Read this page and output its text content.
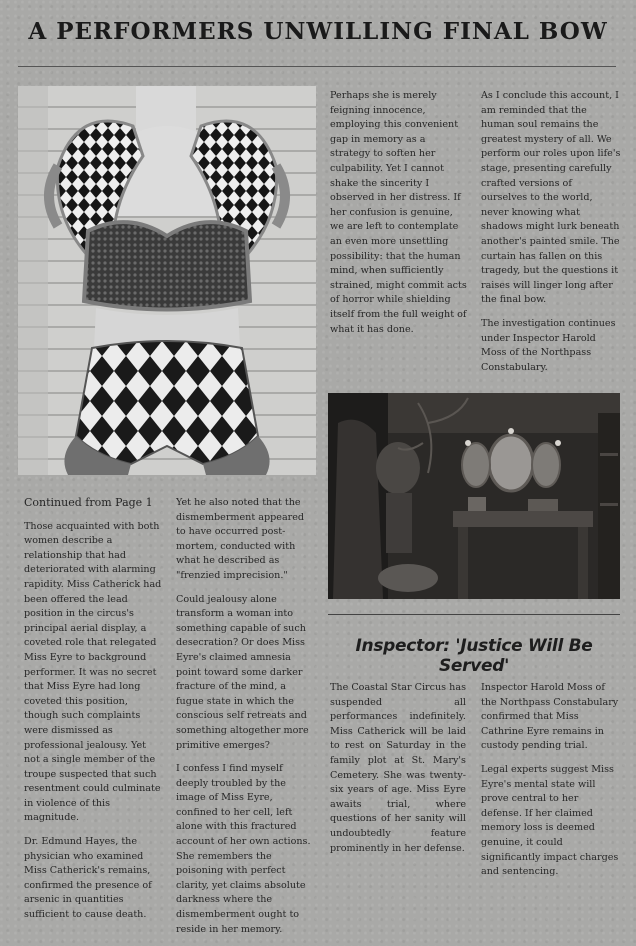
A PERFORMERS UNWILLING FINAL BOW

Continued from Page 1

Those acquainted with both women describe a relationship that had deteriorated with alarming rapidity. Miss Catherick had been offered the lead position in the circus's principal aerial display, a coveted role that relegated Miss Eyre to background performer. It was no secret that Miss Eyre had long coveted this position, though such complaints were dismissed as professional jealousy. Yet not a single member of the troupe suspected that such resentment could culminate in violence of this magnitude.

Dr. Edmund Hayes, the physician who examined Miss Catherick's remains, confirmed the presence of arsenic in quantities sufficient to cause death.

Yet he also noted that the dismemberment appeared to have occurred post-mortem, conducted with what he described as "frenzied imprecision."

Could jealousy alone transform a woman into something capable of such desecration? Or does Miss Eyre's claimed amnesia point toward some darker fracture of the mind, a fugue state in which the conscious self retreats and something altogether more primitive emerges?

I confess I find myself deeply troubled by the image of Miss Eyre, confined to her cell, left alone with this fractured account of her own actions. She remembers the poisoning with perfect clarity, yet claims absolute darkness where the dismemberment ought to reside in her memory.

Perhaps she is merely feigning innocence, employing this convenient gap in memory as a strategy to soften her culpability. Yet I cannot shake the sincerity I observed in her distress. If her confusion is genuine, we are left to contemplate an even more unsettling possibility: that the human mind, when sufficiently strained, might commit acts of horror while shielding itself from the full weight of what it has done.

As I conclude this account, I am reminded that the human soul remains the greatest mystery of all. We perform our roles upon life's stage, presenting carefully crafted versions of ourselves to the world, never knowing what shadows might lurk beneath another's painted smile. The curtain has fallen on this tragedy, but the questions it raises will linger long after the final bow.

The investigation continues under Inspector Harold Moss of the Northpass Constabulary.

Inspector: 'Justice Will Be Served'

The Coastal Star Circus has suspended all performances indefinitely. Miss Catherick will be laid to rest on Saturday in the family plot at St. Mary's Cemetery. She was twenty-six years of age. Miss Eyre awaits trial, where questions of her sanity will undoubtedly feature prominently in her defense.

Inspector Harold Moss of the Northpass Constabulary confirmed that Miss Cathrine Eyre remains in custody pending trial.

Legal experts suggest Miss Eyre's mental state will prove central to her defense. If her claimed memory loss is deemed genuine, it could significantly impact charges and sentencing.
